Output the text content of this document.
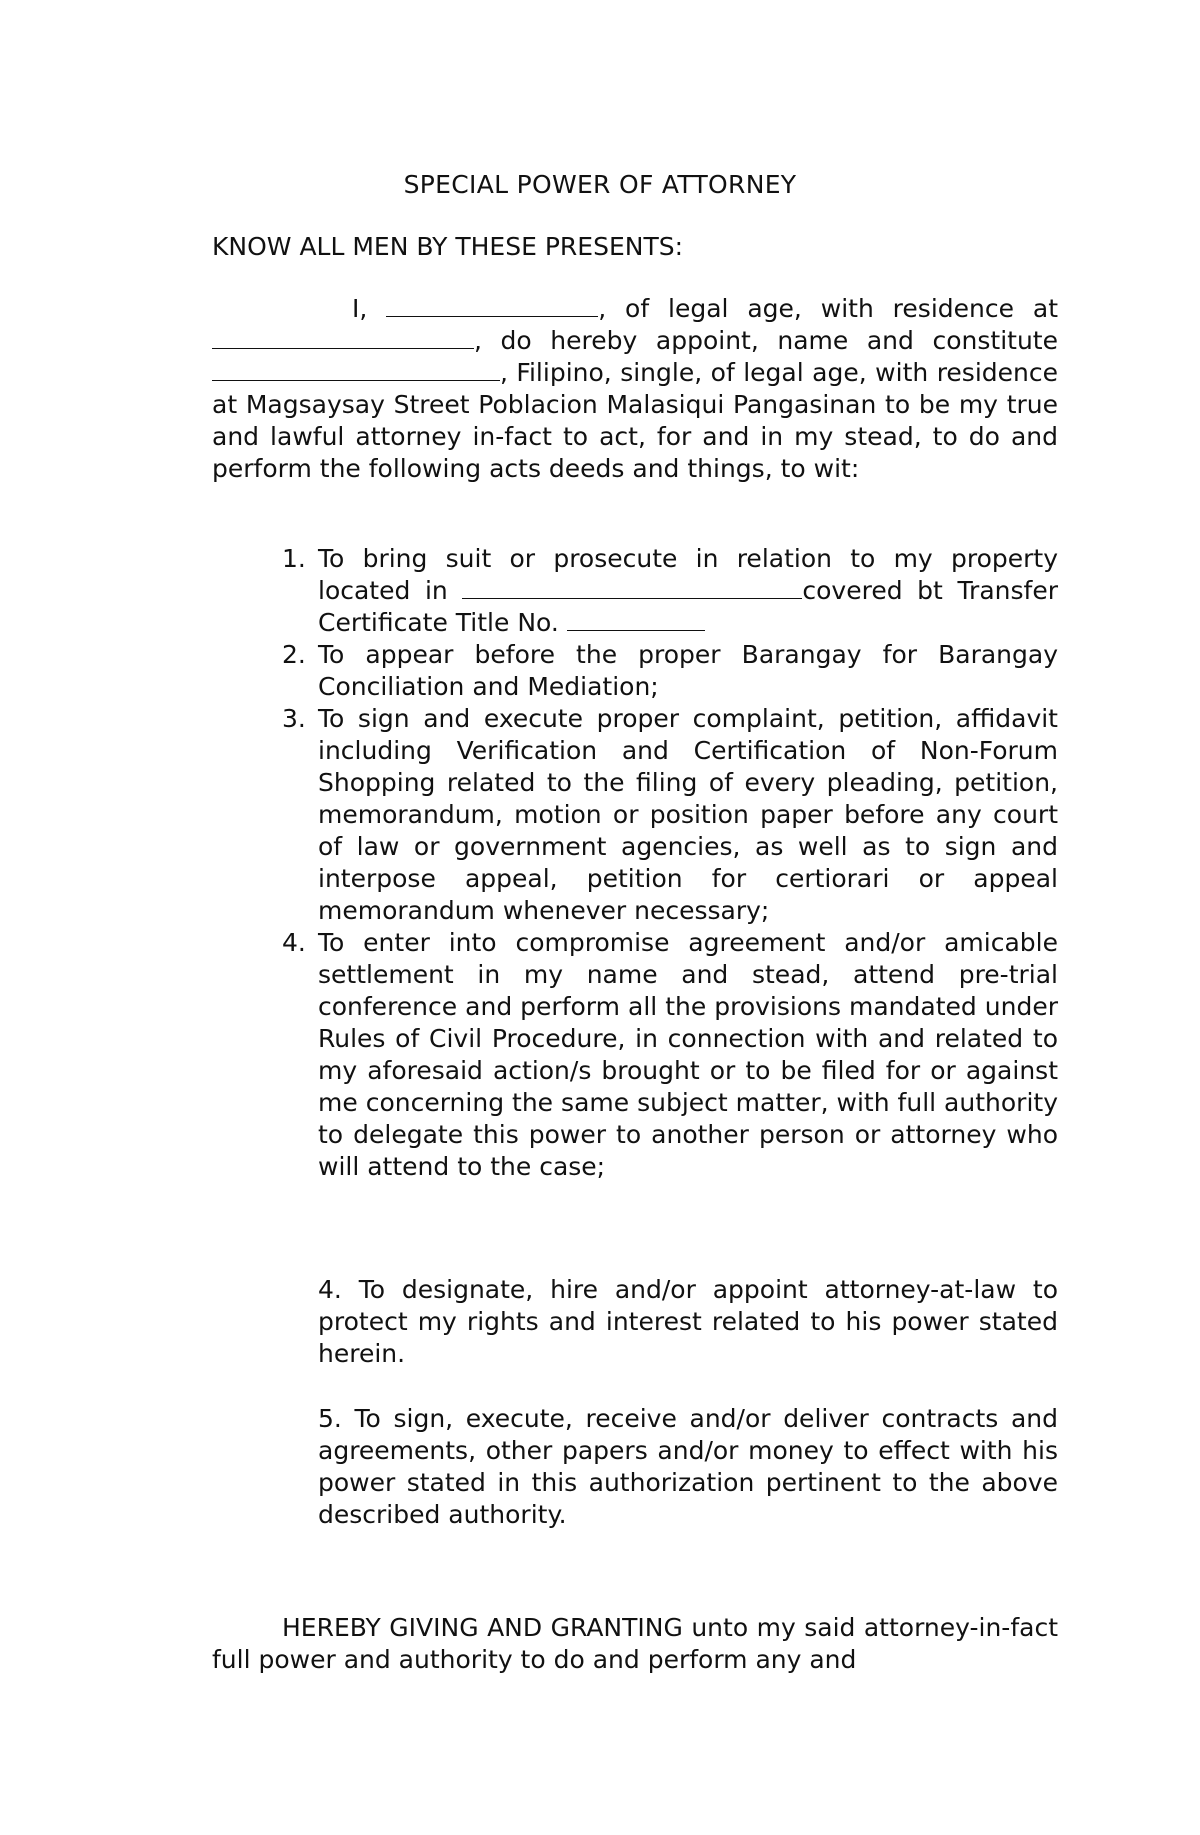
SPECIAL POWER OF ATTORNEY
KNOW ALL MEN BY THESE PRESENTS:
I,	, of legal age, with residence at, do hereby appoint, name and constitute, Filipino, single, of legal age, with residence at Magsaysay Street Poblacion Malasiqui Pangasinan to be my true and lawful attorney in-fact to act, for and in my stead, to do and perform the following acts deeds and things, to wit:
1. To bring suit or prosecute in relation to my property located in	covered bt Transfer Certificate Title No.
2. To appear before the proper Barangay for Barangay Conciliation and Mediation;
3. To sign and execute proper complaint, petition, affidavit including Verification and Certification of Non-Forum Shopping related to the filing of every pleading, petition, memorandum, motion or position paper before any court of law or government agencies, as well as to sign and interpose appeal, petition for certiorari or appeal memorandum whenever necessary;
4. To enter into compromise agreement and/or amicable settlement in my name and stead, attend pre-trial conference and perform all the provisions mandated under Rules of Civil Procedure, in connection with and related to my aforesaid action/s brought or to be filed for or against me concerning the same subject matter, with full authority to delegate this power to another person or attorney who will attend to the case;
4. To designate, hire and/or appoint attorney-at-law to protect my rights and interest related to his power stated herein.
5. To sign, execute, receive and/or deliver contracts and agreements, other papers and/or money to effect with his power stated in this authorization pertinent to the above described authority.
HEREBY GIVING AND GRANTING unto my said attorney-in-fact full power and authority to do and perform any and
